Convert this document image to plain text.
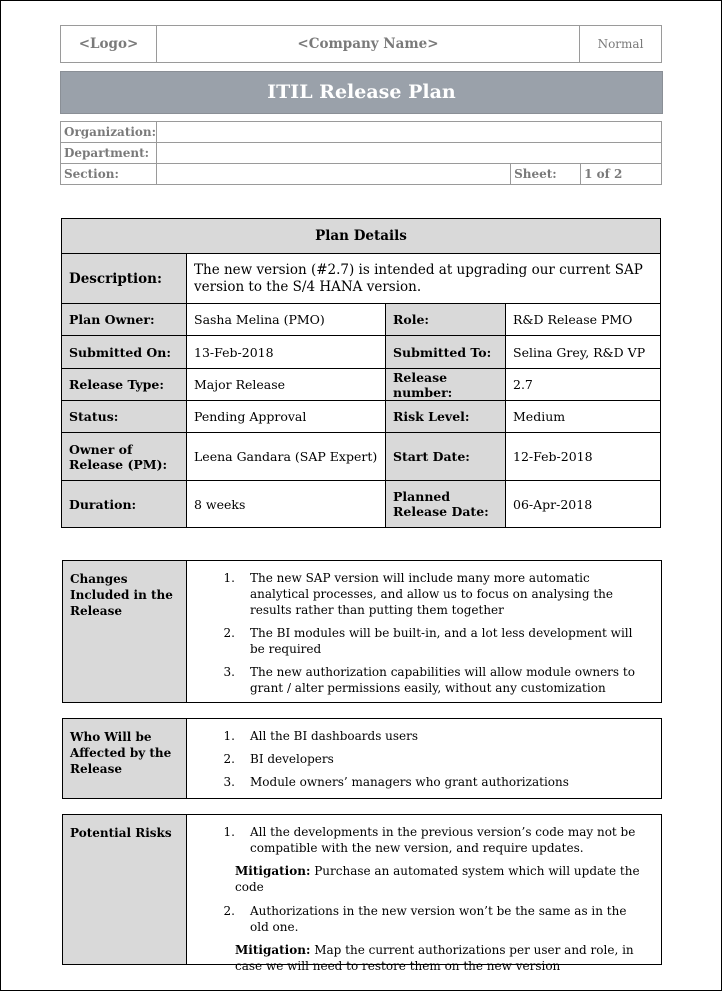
<Logo>	<Company Name>	Normal
ITIL Release Plan
Organization:			
Department:			
Section:		Sheet:	1 of 2
Plan Details			
Description:	The new version (#2.7) is intended at upgrading our current SAP version to the S/4 HANA version.		
Plan Owner:	Sasha Melina (PMO)	Role:	R&D Release PMO
Submitted On:	13-Feb-2018	Submitted To:	Selina Grey, R&D VP
Release Type:	Major Release	Release number:	2.7
Status:	Pending Approval	Risk Level:	Medium
Owner of Release (PM):	Leena Gandara (SAP Expert)	Start Date:	12-Feb-2018
Duration:	8 weeks	Planned Release Date:	06-Apr-2018
Changes Included in the Release
1.	The new SAP version will include many more automatic analytical processes, and allow us to focus on analysing the results rather than putting them together
2.	The BI modules will be built-in, and a lot less development will be required
3.	The new authorization capabilities will allow module owners to grant / alter permissions easily, without any customization
Who Will be Affected by the Release
1.	All the BI dashboards users
2.	BI developers
3.	Module owners’ managers who grant authorizations
Potential Risks	1.	All the developments in the previous version’s code may not be compatible with the new version, and require updates.
Mitigation: Purchase an automated system which will update the code
2.	Authorizations in the new version won’t be the same as in the old one.
Mitigation: Map the current authorizations per user and role, in case we will need to restore them on the new version
